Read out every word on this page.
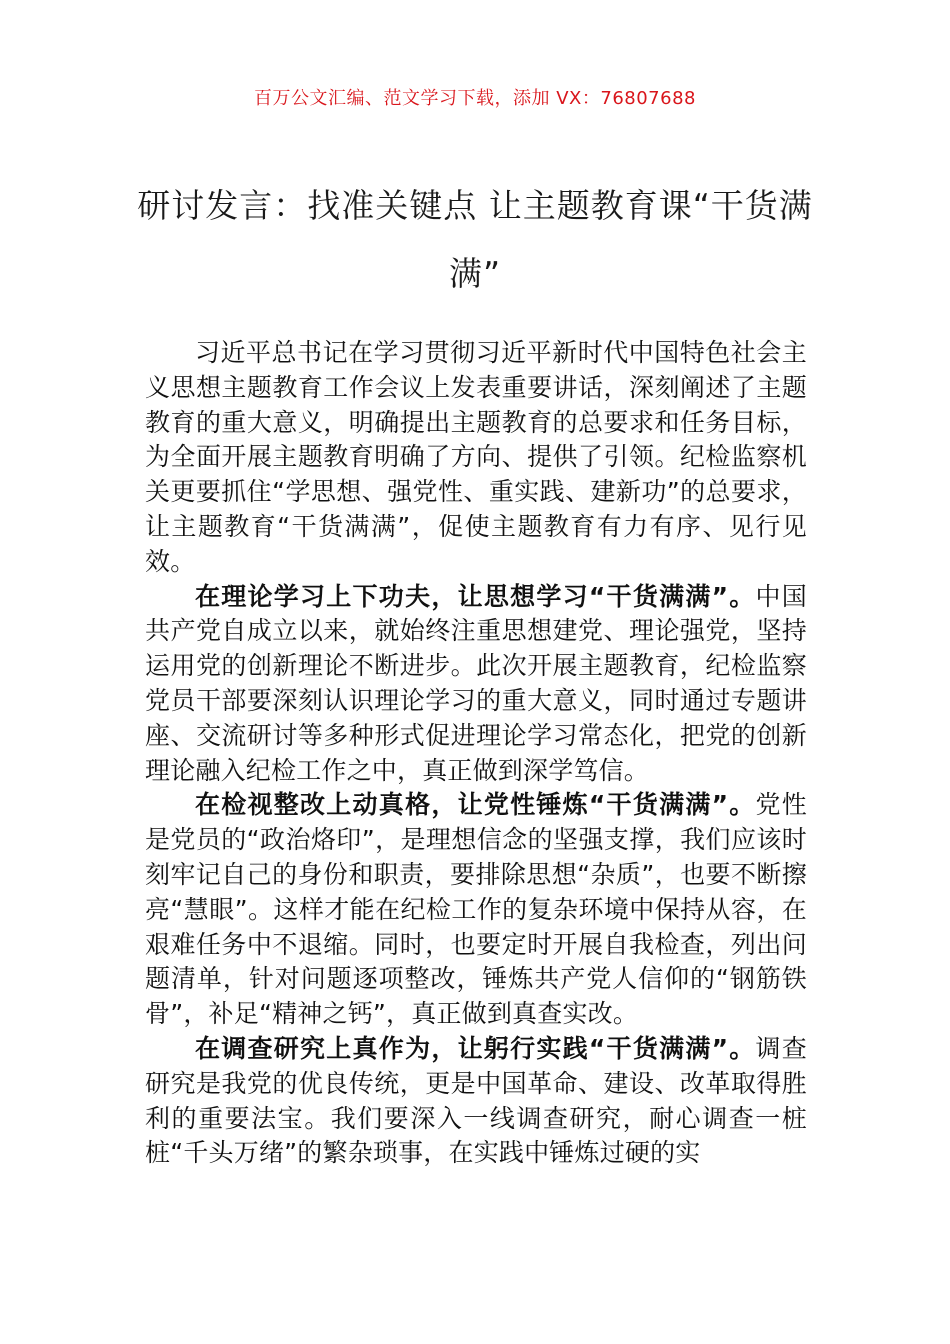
百万公文汇编、范文学习下载，添加 VX：76807688
研讨发言：找准关键点 让主题教育课“干货满满”

习近平总书记在学习贯彻习近平新时代中国特色社会主义思想主题教育工作会议上发表重要讲话，深刻阐述了主题教育的重大意义，明确提出主题教育的总要求和任务目标，为全面开展主题教育明确了方向、提供了引领。纪检监察机关更要抓住“学思想、强党性、重实践、建新功”的总要求，让主题教育“干货满满”，促使主题教育有力有序、见行见效。

在理论学习上下功夫，让思想学习“干货满满”。中国共产党自成立以来，就始终注重思想建党、理论强党，坚持运用党的创新理论不断进步。此次开展主题教育，纪检监察党员干部要深刻认识理论学习的重大意义，同时通过专题讲座、交流研讨等多种形式促进理论学习常态化，把党的创新理论融入纪检工作之中，真正做到深学笃信。

在检视整改上动真格，让党性锤炼“干货满满”。党性是党员的“政治烙印”，是理想信念的坚强支撑，我们应该时刻牢记自己的身份和职责，要排除思想“杂质”，也要不断擦亮“慧眼”。这样才能在纪检工作的复杂环境中保持从容，在艰难任务中不退缩。同时，也要定时开展自我检查，列出问题清单，针对问题逐项整改，锤炼共产党人信仰的“钢筋铁骨”，补足“精神之钙”，真正做到真查实改。

在调查研究上真作为，让躬行实践“干货满满”。调查研究是我党的优良传统，更是中国革命、建设、改革取得胜利的重要法宝。我们要深入一线调查研究，耐心调查一桩桩“千头万绪”的繁杂琐事，在实践中锤炼过硬的实
